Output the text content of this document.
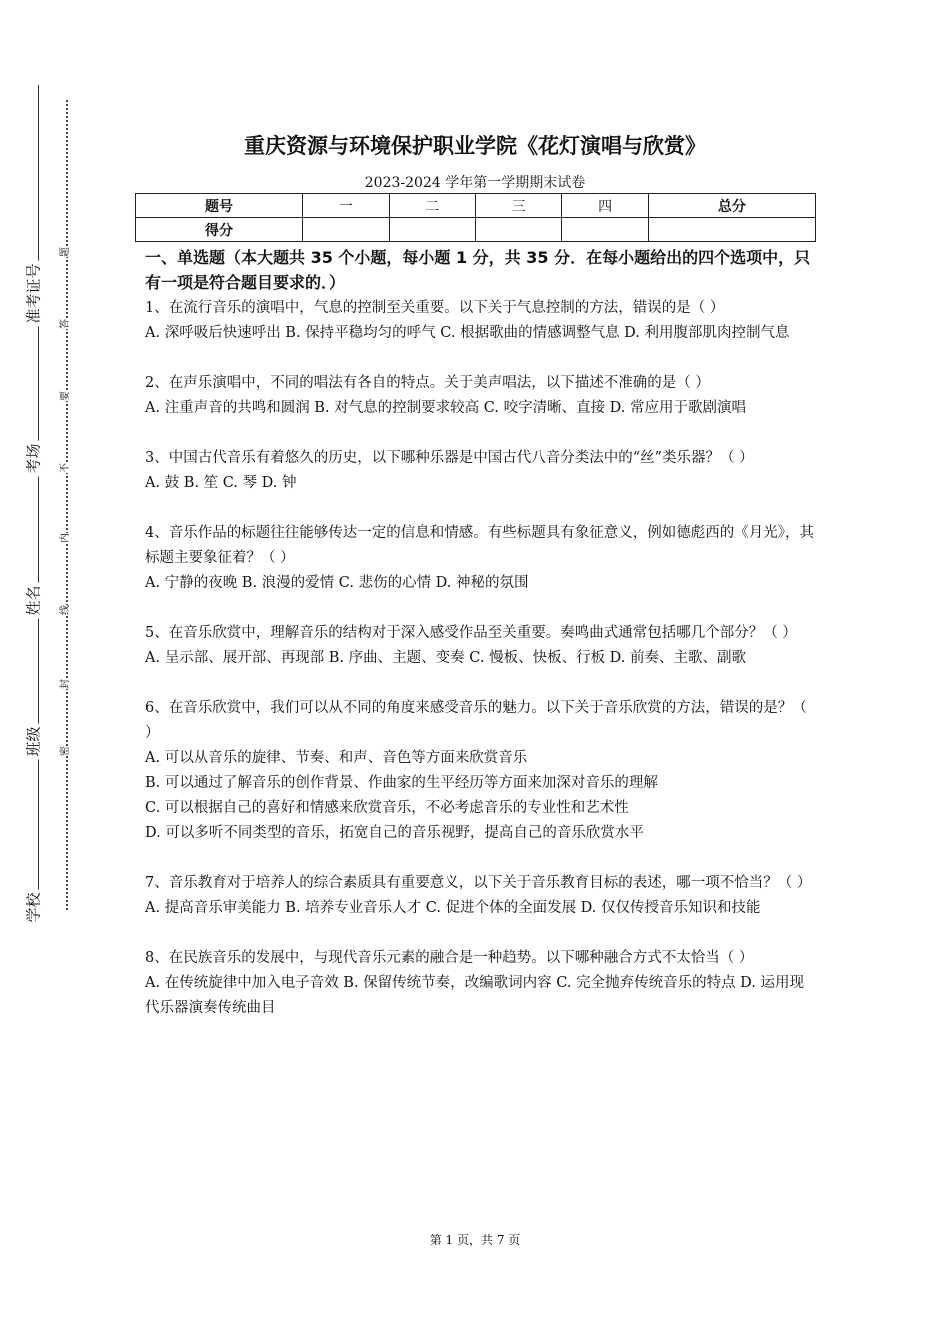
学校
班级
姓名
考场
准考证号
密
封
线
内
不
要
答
题
重庆资源与环境保护职业学院《花灯演唱与欣赏》
2023-2024 学年第一学期期末试卷
题号	一	二	三	四	总分
得分					
一、单选题（本大题共 35 个小题，每小题 1 分，共 35 分．在每小题给出的四个选项中，只有一项是符合题目要求的．）

1、在流行音乐的演唱中，气息的控制至关重要。以下关于气息控制的方法，错误的是（ ）

A. 深呼吸后快速呼出 B. 保持平稳均匀的呼气 C. 根据歌曲的情感调整气息 D. 利用腹部肌肉控制气息

2、在声乐演唱中，不同的唱法有各自的特点。关于美声唱法，以下描述不准确的是（ ）

A. 注重声音的共鸣和圆润 B. 对气息的控制要求较高 C. 咬字清晰、直接 D. 常应用于歌剧演唱

3、中国古代音乐有着悠久的历史，以下哪种乐器是中国古代八音分类法中的“丝”类乐器？（ ）

A. 鼓 B. 笙 C. 琴 D. 钟

4、音乐作品的标题往往能够传达一定的信息和情感。有些标题具有象征意义，例如德彪西的《月光》，其标题主要象征着？（ ）

A. 宁静的夜晚 B. 浪漫的爱情 C. 悲伤的心情 D. 神秘的氛围

5、在音乐欣赏中，理解音乐的结构对于深入感受作品至关重要。奏鸣曲式通常包括哪几个部分？（ ）

A. 呈示部、展开部、再现部 B. 序曲、主题、变奏 C. 慢板、快板、行板 D. 前奏、主歌、副歌

6、在音乐欣赏中，我们可以从不同的角度来感受音乐的魅力。以下关于音乐欣赏的方法，错误的是？（ ）

A. 可以从音乐的旋律、节奏、和声、音色等方面来欣赏音乐

B. 可以通过了解音乐的创作背景、作曲家的生平经历等方面来加深对音乐的理解

C. 可以根据自己的喜好和情感来欣赏音乐，不必考虑音乐的专业性和艺术性

D. 可以多听不同类型的音乐，拓宽自己的音乐视野，提高自己的音乐欣赏水平

7、音乐教育对于培养人的综合素质具有重要意义，以下关于音乐教育目标的表述，哪一项不恰当？（ ）

A. 提高音乐审美能力 B. 培养专业音乐人才 C. 促进个体的全面发展 D. 仅仅传授音乐知识和技能

8、在民族音乐的发展中，与现代音乐元素的融合是一种趋势。以下哪种融合方式不太恰当（ ）

A. 在传统旋律中加入电子音效 B. 保留传统节奏，改编歌词内容 C. 完全抛弃传统音乐的特点 D. 运用现代乐器演奏传统曲目

第 1 页，共 7 页
